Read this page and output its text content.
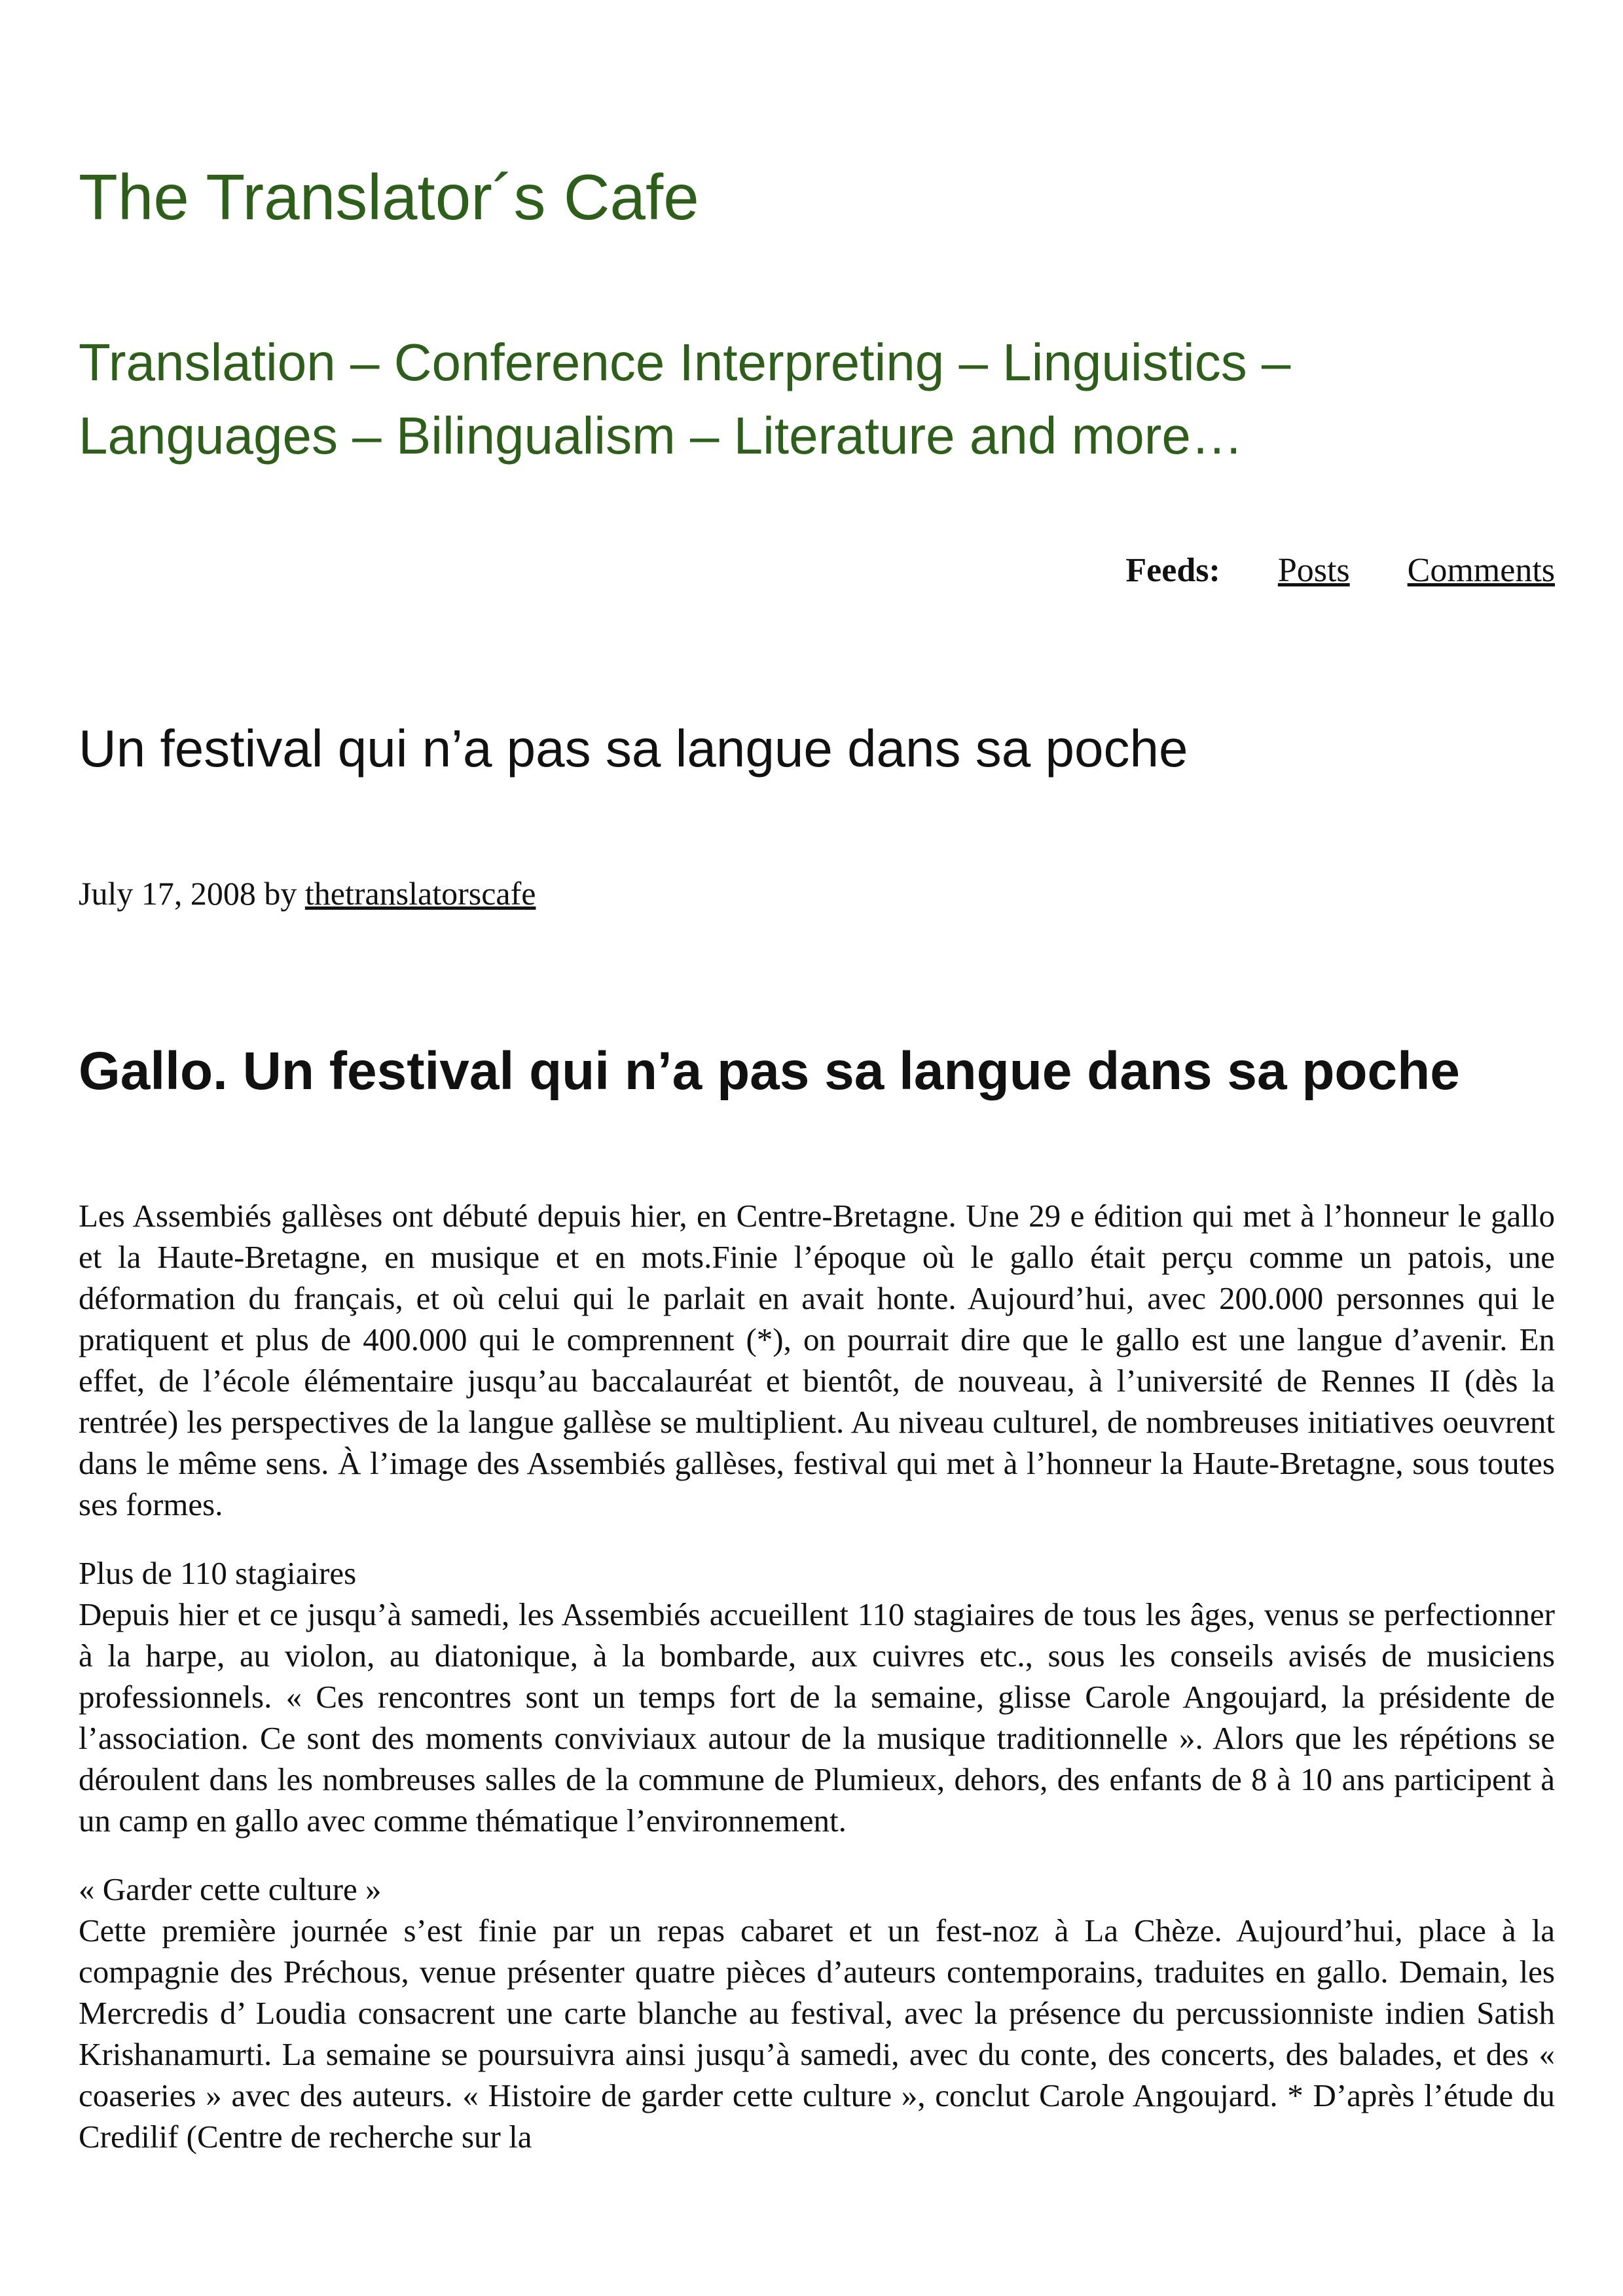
The Translator´s Cafe
Translation – Conference Interpreting – Linguistics – Languages – Bilingualism – Literature and more…
Feeds: Posts Comments
Un festival qui n’a pas sa langue dans sa poche
July 17, 2008 by thetranslatorscafe
Gallo. Un festival qui n’a pas sa langue dans sa poche

Les Assembiés gallèses ont débuté depuis hier, en Centre-Bretagne. Une 29 e édition qui met à l’honneur le gallo et la Haute-Bretagne, en musique et en mots.Finie l’époque où le gallo était perçu comme un patois, une déformation du français, et où celui qui le parlait en avait honte. Aujourd’hui, avec 200.000 personnes qui le pratiquent et plus de 400.000 qui le comprennent (*), on pourrait dire que le gallo est une langue d’avenir. En effet, de l’école élémentaire jusqu’au baccalauréat et bientôt, de nouveau, à l’université de Rennes II (dès la rentrée) les perspectives de la langue gallèse se multiplient. Au niveau culturel, de nombreuses initiatives oeuvrent dans le même sens. À l’image des Assembiés gallèses, festival qui met à l’honneur la Haute-Bretagne, sous toutes ses formes.

Plus de 110 stagiaires
Depuis hier et ce jusqu’à samedi, les Assembiés accueillent 110 stagiaires de tous les âges, venus se perfectionner à la harpe, au violon, au diatonique, à la bombarde, aux cuivres etc., sous les conseils avisés de musiciens professionnels. « Ces rencontres sont un temps fort de la semaine, glisse Carole Angoujard, la présidente de l’association. Ce sont des moments conviviaux autour de la musique traditionnelle ». Alors que les répétions se déroulent dans les nombreuses salles de la commune de Plumieux, dehors, des enfants de 8 à 10 ans participent à un camp en gallo avec comme thématique l’environnement.

« Garder cette culture »
Cette première journée s’est finie par un repas cabaret et un fest-noz à La Chèze. Aujourd’hui, place à la compagnie des Préchous, venue présenter quatre pièces d’auteurs contemporains, traduites en gallo. Demain, les Mercredis d’ Loudia consacrent une carte blanche au festival, avec la présence du percussionniste indien Satish Krishanamurti. La semaine se poursuivra ainsi jusqu’à samedi, avec du conte, des concerts, des balades, et des « coaseries » avec des auteurs. « Histoire de garder cette culture », conclut Carole Angoujard. * D’après l’étude du Credilif (Centre de recherche sur la
